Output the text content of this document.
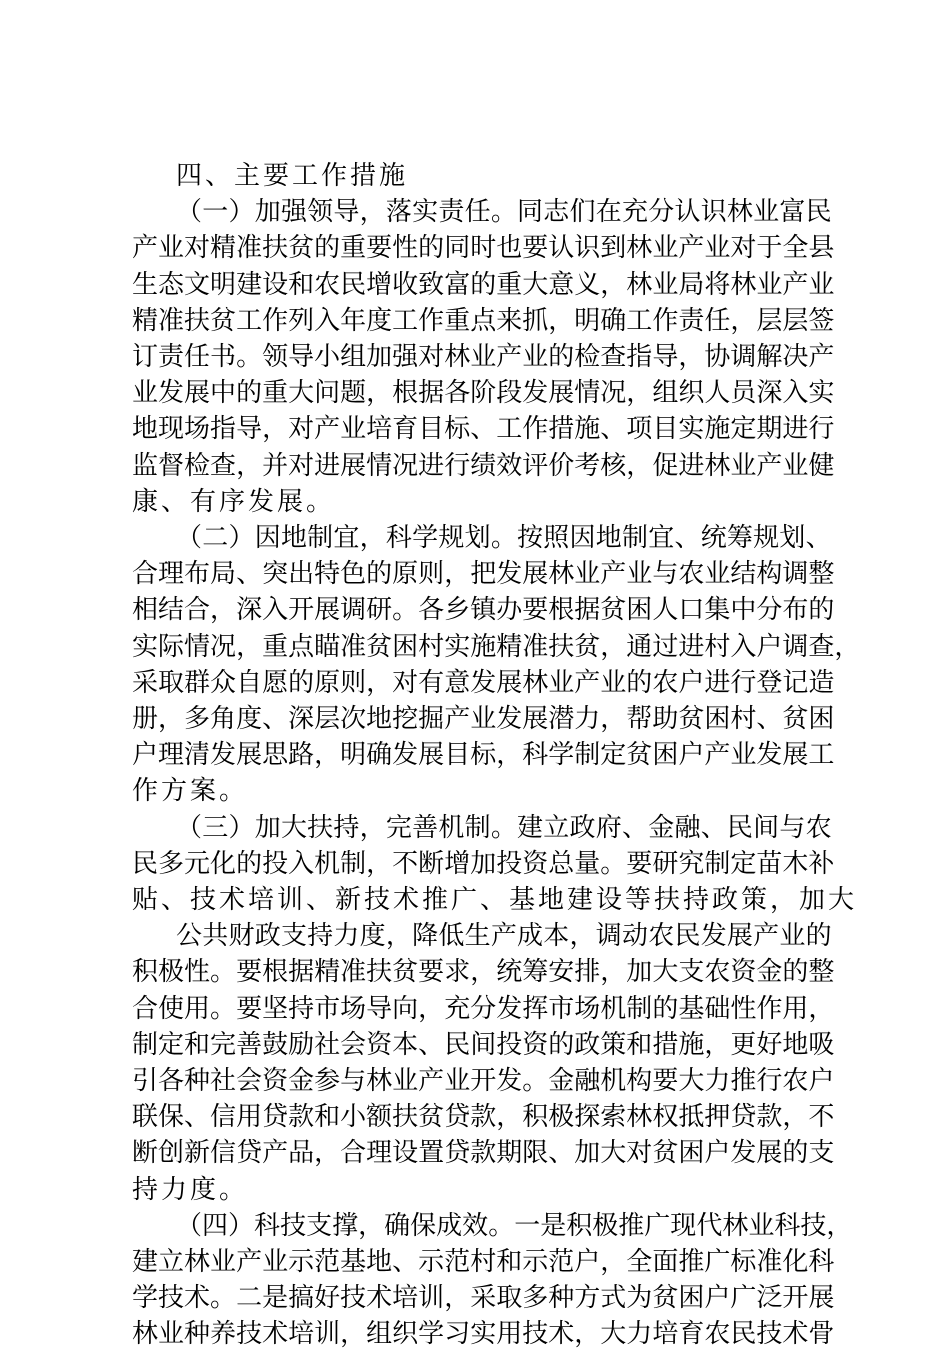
四、主要工作措施
（ 一 ） 加 强 领 导 ， 落 实 责 任 。 同 志 们 在 充 分 认 识 林 业 富 民
产 业 对 精 准 扶 贫 的 重 要 性 的 同 时 也 要 认 识 到 林 业 产 业 对 于 全 县
生 态 文 明 建 设 和 农 民 增 收 致 富 的 重 大 意 义 ， 林 业 局 将 林 业 产 业
精 准 扶 贫 工 作 列 入 年 度 工 作 重 点 来 抓 ， 明 确 工 作 责 任 ， 层 层 签
订 责 任 书 。 领 导 小 组 加 强 对 林 业 产 业 的 检 查 指 导 ， 协 调 解 决 产
业 发 展 中 的 重 大 问 题 ， 根 据 各 阶 段 发 展 情 况 ， 组 织 人 员 深 入 实
地 现 场 指 导 ， 对 产 业 培 育 目 标 、 工 作 措 施 、 项 目 实 施 定 期 进 行
监 督 检 查 ， 并 对 进 展 情 况 进 行 绩 效 评 价 考 核 ， 促 进 林 业 产 业 健
康、有序发展。
（ 二 ） 因 地 制 宜 ， 科 学 规 划 。 按 照 因 地 制 宜 、 统 筹 规 划 、
合 理 布 局 、 突 出 特 色 的 原 则 ， 把 发 展 林 业 产 业 与 农 业 结 构 调 整
相 结 合 ， 深 入 开 展 调 研 。 各 乡 镇 办 要 根 据 贫 困 人 口 集 中 分 布 的
实 际 情 况 ， 重 点 瞄 准 贫 困 村 实 施 精 准 扶 贫 ， 通 过 进 村 入 户 调 查 ，
采 取 群 众 自 愿 的 原 则 ， 对 有 意 发 展 林 业 产 业 的 农 户 进 行 登 记 造
册 ， 多 角 度 、 深 层 次 地 挖 掘 产 业 发 展 潜 力 ， 帮 助 贫 困 村 、 贫 困
户 理 清 发 展 思 路 ， 明 确 发 展 目 标 ， 科 学 制 定 贫 困 户 产 业 发 展 工
作方案。
（ 三 ） 加 大 扶 持 ， 完 善 机 制 。 建 立 政 府 、 金 融 、 民 间 与 农
民 多 元 化 的 投 入 机 制 ， 不 断 增 加 投 资 总 量 。 要 研 究 制 定 苗 木 补
贴、技术培训、新技术推广、基地建设等扶持政策，加大
公 共 财 政 支 持 力 度 ， 降 低 生 产 成 本 ， 调 动 农 民 发 展 产 业 的
积 极 性 。 要 根 据 精 准 扶 贫 要 求 ， 统 筹 安 排 ， 加 大 支 农 资 金 的 整
合 使 用 。 要 坚 持 市 场 导 向 ， 充 分 发 挥 市 场 机 制 的 基 础 性 作 用 ，
制 定 和 完 善 鼓 励 社 会 资 本 、 民 间 投 资 的 政 策 和 措 施 ， 更 好 地 吸
引 各 种 社 会 资 金 参 与 林 业 产 业 开 发 。 金 融 机 构 要 大 力 推 行 农 户
联 保 、 信 用 贷 款 和 小 额 扶 贫 贷 款 ， 积 极 探 索 林 权 抵 押 贷 款 ， 不
断 创 新 信 贷 产 品 ， 合 理 设 置 贷 款 期 限 、 加 大 对 贫 困 户 发 展 的 支
持力度。
（ 四 ） 科 技 支 撑 ， 确 保 成 效 。 一 是 积 极 推 广 现 代 林 业 科 技 ，
建 立 林 业 产 业 示 范 基 地 、 示 范 村 和 示 范 户 ， 全 面 推 广 标 准 化 科
学 技 术 。 二 是 搞 好 技 术 培 训 ， 采 取 多 种 方 式 为 贫 困 户 广 泛 开 展
林 业 种 养 技 术 培 训 ， 组 织 学 习 实 用 技 术 ， 大 力 培 育 农 民 技 术 骨
